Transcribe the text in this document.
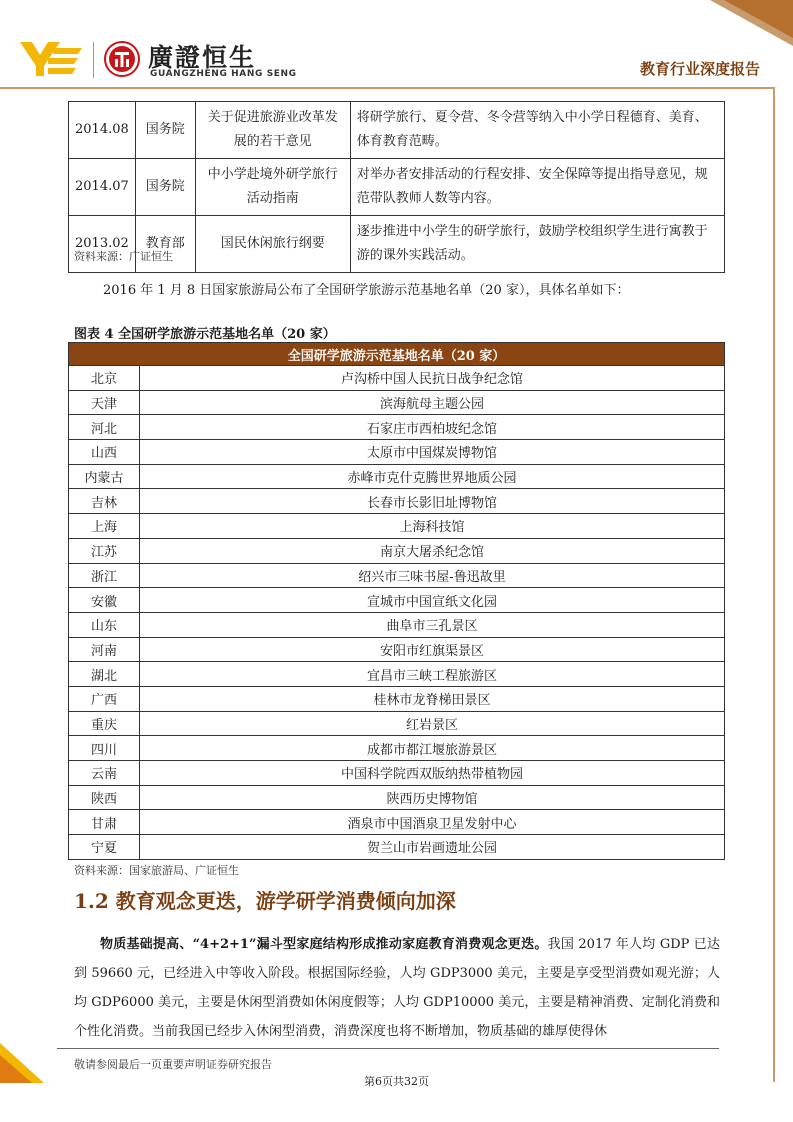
廣證恒生
GUANGZHENG HANG SENG	教育行业深度报告
2014.08	国务院	关于促进旅游业改革发展的若干意见	将研学旅行、夏令营、冬令营等纳入中小学日程德育、美育、体育教育范畴。
2014.07	国务院	中小学赴境外研学旅行活动指南	对举办者安排活动的行程安排、安全保障等提出指导意见，规范带队教师人数等内容。
2013.02	教育部	国民休闲旅行纲要	逐步推进中小学生的研学旅行，鼓励学校组织学生进行寓教于游的课外实践活动。
资料来源：广证恒生
2016 年 1 月 8 日国家旅游局公布了全国研学旅游示范基地名单（20 家），具体名单如下：
图表 4 全国研学旅游示范基地名单（20 家）
全国研学旅游示范基地名单（20 家）	
北京	卢沟桥中国人民抗日战争纪念馆
天津	滨海航母主题公园
河北	石家庄市西柏坡纪念馆
山西	太原市中国煤炭博物馆
内蒙古	赤峰市克什克腾世界地质公园
吉林	长春市长影旧址博物馆
上海	上海科技馆
江苏	南京大屠杀纪念馆
浙江	绍兴市三味书屋-鲁迅故里
安徽	宣城市中国宣纸文化园
山东	曲阜市三孔景区
河南	安阳市红旗渠景区
湖北	宜昌市三峡工程旅游区
广西	桂林市龙脊梯田景区
重庆	红岩景区
四川	成都市都江堰旅游景区
云南	中国科学院西双版纳热带植物园
陕西	陕西历史博物馆
甘肃	酒泉市中国酒泉卫星发射中心
宁夏	贺兰山市岩画遗址公园
资料来源：国家旅游局、广证恒生
1.2 教育观念更迭，游学研学消费倾向加深
物质基础提高、“4+2+1”漏斗型家庭结构形成推动家庭教育消费观念更迭。我国 2017 年人均 GDP 已达到 59660 元，已经进入中等收入阶段。根据国际经验，人均 GDP3000 美元，主要是享受型消费如观光游；人均 GDP6000 美元，主要是休闲型消费如休闲度假等；人均 GDP10000 美元，主要是精神消费、定制化消费和个性化消费。当前我国已经步入休闲型消费，消费深度也将不断增加，物质基础的雄厚使得休
敬请参阅最后一页重要声明证券研究报告
第6页共32页
